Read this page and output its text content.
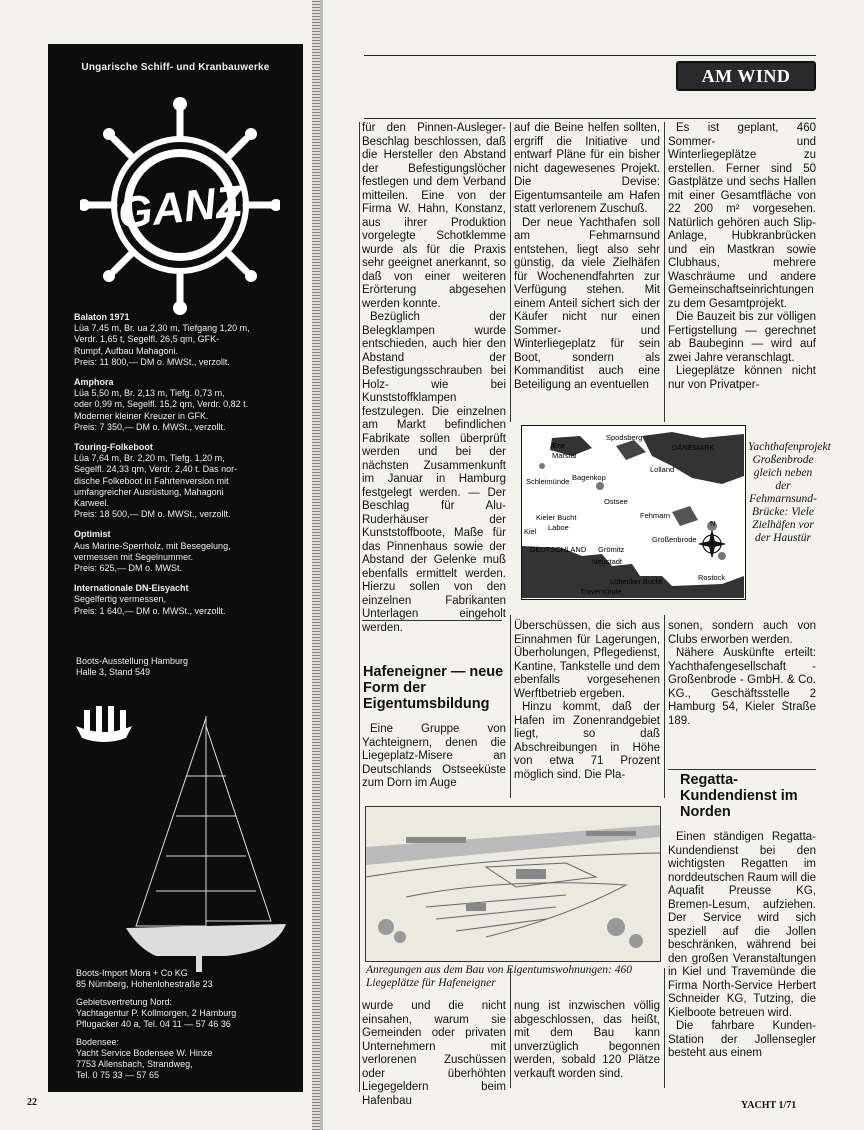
Ungarische Schiff- und Kranbauwerke
GANZ
Balaton 1971
Lüa 7,45 m, Br. ua 2,30 m, Tiefgang 1,20 m,
Verdr. 1,65 t, Segelfl. 26,5 qm, GFK-
Rumpf, Aufbau Mahagoni.
Preis: 11 800,— DM o. MWSt., verzollt.
Amphora
Lüa 5,50 m, Br. 2,13 m, Tiefg. 0,73 m,
oder 0,99 m, Segelfl. 15,2 qm, Verdr. 0,82 t.
Moderner kleiner Kreuzer in GFK.
Preis: 7 350,— DM o. MWSt., verzollt.
Touring-Folkeboot
Lüa 7,64 m, Br. 2,20 m, Tiefg. 1,20 m,
Segelfl. 24,33 qm, Verdr. 2,40 t. Das nor-
dische Folkeboot in Fahrtenversion mit
umfangreicher Ausrüstung, Mahagoni
Karweel.
Preis: 18 500,— DM o. MWSt., verzollt.
Optimist
Aus Marine-Sperrholz, mit Besegelung,
vermessen mit Segelnummer.
Preis: 625,— DM o. MWSt.
Internationale DN-Eisyacht
Segelfertig vermessen,
Preis: 1 640,— DM o. MWSt., verzollt.
Boots-Ausstellung Hamburg
Halle 3, Stand 549
Boots-Import Mora + Co KG
85 Nürnberg, Hohenlohestraße 23
Gebietsvertretung Nord:
Yachtagentur P. Kollmorgen, 2 Hamburg
Pflugacker 40 a, Tel. 04 11 — 57 46 36
Bodensee:
Yacht Service Bodensee W. Hinze
7753 Allensbach, Strandweg,
Tel. 0 75 33 — 57 65
22
AM WIND

für den Pinnen-Ausleger-Beschlag beschlossen, daß die Hersteller den Abstand der Befestigungslöcher festlegen und dem Verband mitteilen. Eine von der Firma W. Hahn, Konstanz, aus ihrer Produktion vorgelegte Schotklemme wurde als für die Praxis sehr geeignet anerkannt, so daß von einer weiteren Erörterung abgesehen werden konnte.

Bezüglich der Belegklampen wurde entschieden, auch hier den Abstand der Befestigungsschrauben bei Holz- wie bei Kunststoffklampen festzulegen. Die einzelnen am Markt befindlichen Fabrikate sollen überprüft werden und bei der nächsten Zusammenkunft im Januar in Hamburg festgelegt werden. — Der Beschlag für Alu-Ruderhäuser der Kunststoffboote, Maße für das Pinnenhaus sowie der Abstand der Gelenke muß ebenfalls ermittelt werden. Hierzu sollen von den einzelnen Fabrikanten Unterlagen eingeholt werden.

auf die Beine helfen sollten, ergriff die Initiative und entwarf Pläne für ein bisher nicht dagewesenes Projekt. Die Devise: Eigentumsanteile am Hafen statt verlorenem Zuschuß.

Der neue Yachthafen soll am Fehmarnsund entstehen, liegt also sehr günstig, da viele Zielhäfen für Wochenendfahrten zur Verfügung stehen. Mit einem Anteil sichert sich der Käufer nicht nur einen Sommer- und Winterliegeplatz für sein Boot, sondern als Kommanditist auch eine Beteiligung an eventuellen

Es ist geplant, 460 Sommer- und Winterliegeplätze zu erstellen. Ferner sind 50 Gastplätze und sechs Hallen mit einer Gesamtfläche von 22 200 m² vorgesehen. Natürlich gehören auch Slip-Anlage, Hubkranbrücken und ein Mastkran sowie Clubhaus, mehrere Waschräume und andere Gemeinschaftseinrichtungen zu dem Gesamtprojekt.

Die Bauzeit bis zur völligen Fertigstellung — gerechnet ab Baubeginn — wird auf zwei Jahre veranschlagt.

Liegeplätze können nicht nur von Privatper-

Spodsberg
Ærø
Marstal
Schleimünde Bagenkop
Lolland
DÄNEMARK
Ostsee
Kieler Bucht
Laboe
Kiel
Fehmarn
Großenbrode
DEUTSCHLAND Grömitz
Neustadt
Lübecker Bucht
Travemünde
Rostock
N
Yachthafenprojekt Großenbrode gleich neben der Fehmarnsund-Brücke: Viele Zielhäfen vor der Haustür
Hafeneigner — neue Form der Eigentumsbildung

Eine Gruppe von Yachteignern, denen die Liegeplatz-Misere an Deutschlands Ostseeküste zum Dorn im Auge

Überschüssen, die sich aus Einnahmen für Lagerungen, Überholungen, Pflegedienst, Kantine, Tankstelle und dem ebenfalls vorgesehenen Werftbetrieb ergeben.

Hinzu kommt, daß der Hafen im Zonenrandgebiet liegt, so daß Abschreibungen in Höhe von etwa 71 Prozent möglich sind. Die Pla-

sonen, sondern auch von Clubs erworben werden.

Nähere Auskünfte erteilt: Yachthafengesellschaft - Großenbrode - GmbH. & Co. KG., Geschäftsstelle 2 Hamburg 54, Kieler Straße 189.

Anregungen aus dem Bau von Eigentumswohnungen: 460 Liegeplätze für Hafeneigner

wurde und die nicht einsahen, warum sie Gemeinden oder privaten Unternehmern mit verlorenen Zuschüssen oder überhöhten Liegegeldern beim Hafenbau

nung ist inzwischen völlig abgeschlossen, das heißt, mit dem Bau kann unverzüglich begonnen werden, sobald 120 Plätze verkauft worden sind.

Regatta-Kundendienst im Norden

Einen ständigen Regatta-Kundendienst bei den wichtigsten Regatten im norddeutschen Raum will die Aquafit Preusse KG, Bremen-Lesum, aufziehen. Der Service wird sich speziell auf die Jollen beschränken, während bei den großen Veranstaltungen in Kiel und Travemünde die Firma North-Service Herbert Schneider KG, Tutzing, die Kielboote betreuen wird.

Die fahrbare Kunden-Station der Jollensegler besteht aus einem

YACHT 1/71
